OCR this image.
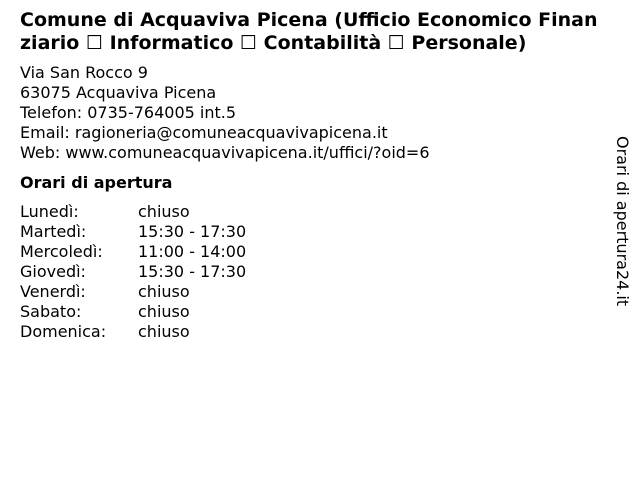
Comune di Acquaviva Picena (Ufficio Economico Finanziario ☐ Informatico ☐ Contabilità ☐ Personale)
Via San Rocco 9
63075 Acquaviva Picena
Telefon: 0735-764005 int.5
Email: ragioneria@comuneacquavivapicena.it
Web: www.comuneacquavivapicena.it/uffici/?oid=6
Orari di apertura
Lunedì:	chiuso
Martedì:	15:30 - 17:30
Mercoledì:	11:00 - 14:00
Giovedì:	15:30 - 17:30
Venerdì:	chiuso
Sabato:	chiuso
Domenica:	chiuso
Orari di apertura24.it
